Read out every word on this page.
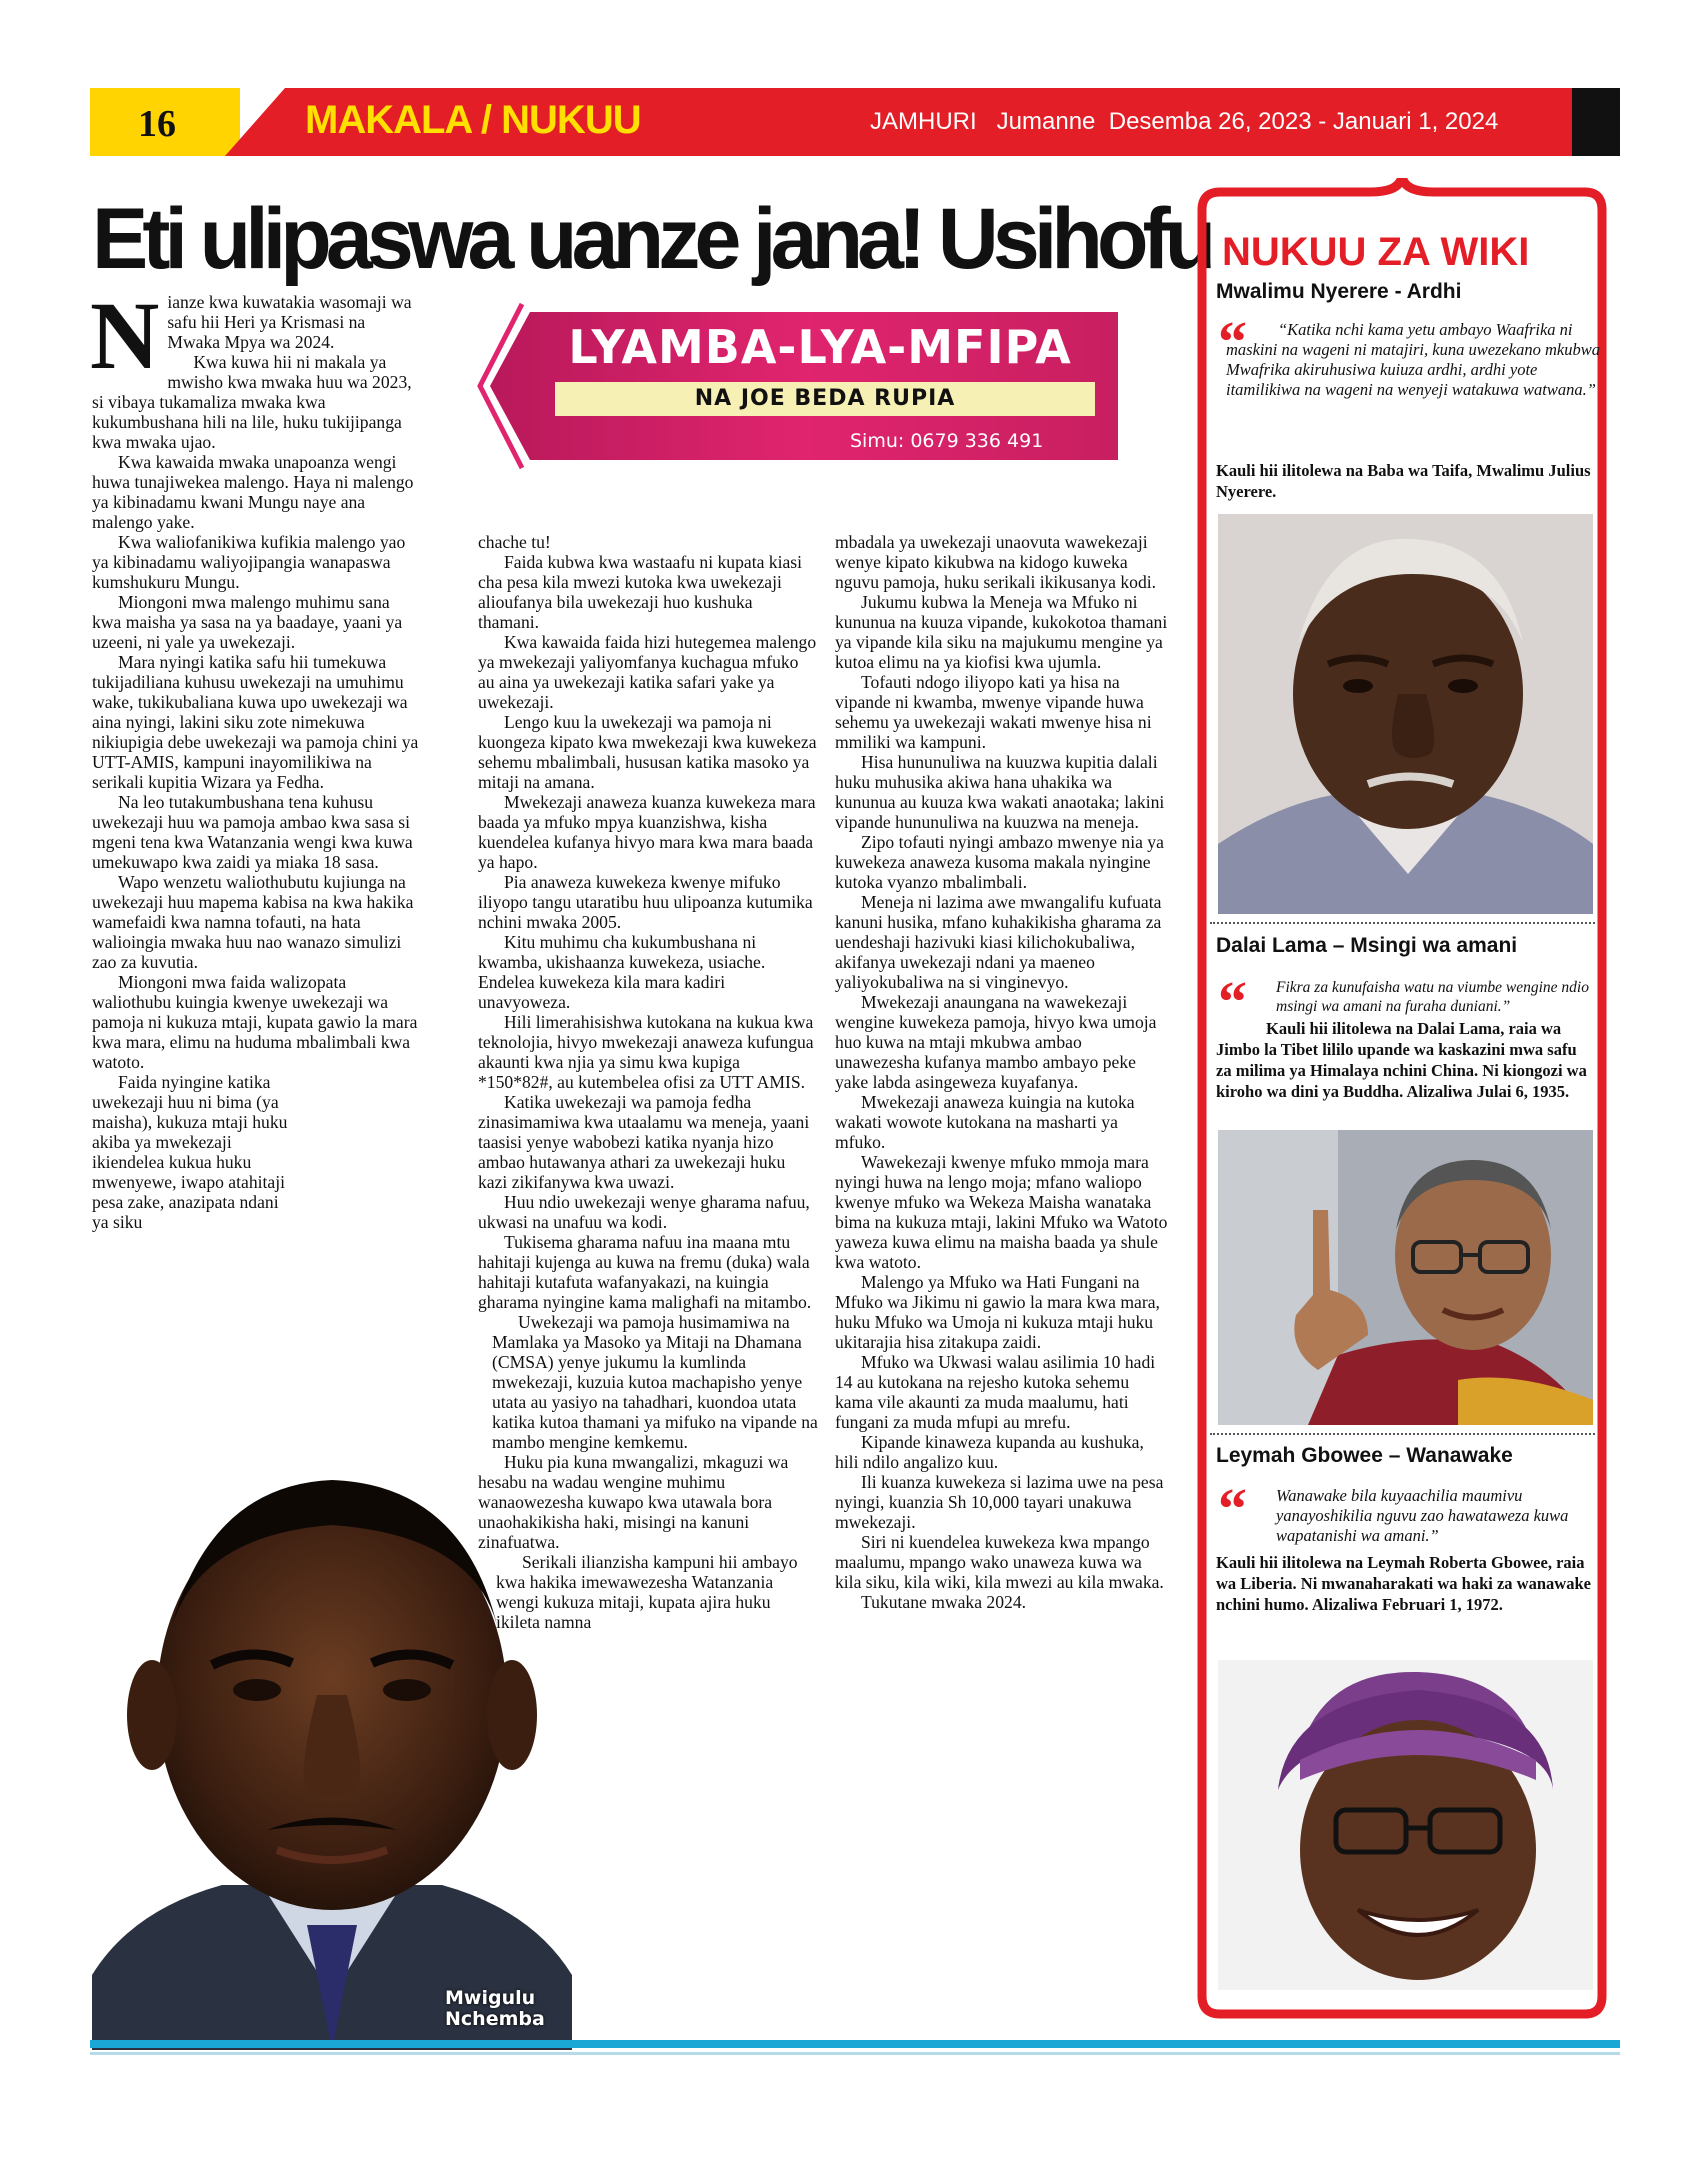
16	MAKALA / NUKUU	JAMHURI   Jumanne  Desemba 26, 2023 - Januari 1, 2024
Eti ulipaswa uanze jana! Usihofu
LYAMBA-LYA-MFIPA
NA JOE BEDA RUPIA
Simu: 0679 336 491
N ianze kwa kuwatakia wasomaji wa safu hii Heri ya Krismasi na Mwaka Mpya wa 2024.

Kwa kuwa hii ni makala ya mwisho kwa mwaka huu wa 2023, si vibaya tukamaliza mwaka kwa kukumbushana hili na lile, huku tukijipanga kwa mwaka ujao.

Kwa kawaida mwaka unapoanza wengi huwa tunajiwekea malengo. Haya ni malengo ya kibinadamu kwani Mungu naye ana malengo yake.

Kwa waliofanikiwa kufikia malengo yao ya kibinadamu waliyojipangia wanapaswa kumshukuru Mungu.

Miongoni mwa malengo muhimu sana kwa maisha ya sasa na ya baadaye, yaani ya uzeeni, ni yale ya uwekezaji.

Mara nyingi katika safu hii tumekuwa tukijadiliana kuhusu uwekezaji na umuhimu wake, tukikubaliana kuwa upo uwekezaji wa aina nyingi, lakini siku zote nimekuwa nikiupigia debe uwekezaji wa pamoja chini ya UTT-AMIS, kampuni inayomilikiwa na serikali kupitia Wizara ya Fedha.

Na leo tutakumbushana tena kuhusu uwekezaji huu wa pamoja ambao kwa sasa si mgeni tena kwa Watanzania wengi kwa kuwa umekuwapo kwa zaidi ya miaka 18 sasa.

Wapo wenzetu waliothubutu kujiunga na uwekezaji huu mapema kabisa na kwa hakika wamefaidi kwa namna tofauti, na hata walioingia mwaka huu nao wanazo simulizi zao za kuvutia.

Miongoni mwa faida walizopata waliothubu kuingia kwenye uwekezaji wa pamoja ni kukuza mtaji, kupata gawio la mara kwa mara, elimu na huduma mbalimbali kwa watoto.

Faida nyingine katika uwekezaji huu ni bima (ya maisha), kukuza mtaji huku akiba ya mwekezaji ikiendelea kukua huku mwenyewe, iwapo atahitaji pesa zake, anazipata ndani ya siku

Mwigulu
Nchemba

chache tu!

Faida kubwa kwa wastaafu ni kupata kiasi cha pesa kila mwezi kutoka kwa uwekezaji alioufanya bila uwekezaji huo kushuka thamani.

Kwa kawaida faida hizi hutegemea malengo ya mwekezaji yaliyomfanya kuchagua mfuko au aina ya uwekezaji katika safari yake ya uwekezaji.

Lengo kuu la uwekezaji wa pamoja ni kuongeza kipato kwa mwekezaji kwa kuwekeza sehemu mbalimbali, hususan katika masoko ya mitaji na amana.

Mwekezaji anaweza kuanza kuwekeza mara baada ya mfuko mpya kuanzishwa, kisha kuendelea kufanya hivyo mara kwa mara baada ya hapo.

Pia anaweza kuwekeza kwenye mifuko iliyopo tangu utaratibu huu ulipoanza kutumika nchini mwaka 2005.

Kitu muhimu cha kukumbushana ni kwamba, ukishaanza kuwekeza, usiache. Endelea kuwekeza kila mara kadiri unavyoweza.

Hili limerahisishwa kutokana na kukua kwa teknolojia, hivyo mwekezaji anaweza kufungua akaunti kwa njia ya simu kwa kupiga *150*82#, au kutembelea ofisi za UTT AMIS.

Katika uwekezaji wa pamoja fedha zinasimamiwa kwa utaalamu wa meneja, yaani taasisi yenye wabobezi katika nyanja hizo ambao hutawanya athari za uwekezaji huku kazi zikifanywa kwa uwazi.

Huu ndio uwekezaji wenye gharama nafuu, ukwasi na unafuu wa kodi.

Tukisema gharama nafuu ina maana mtu hahitaji kujenga au kuwa na fremu (duka) wala hahitaji kutafuta wafanyakazi, na kuingia gharama nyingine kama malighafi na mitambo.

Uwekezaji wa pamoja husimamiwa na Mamlaka ya Masoko ya Mitaji na Dhamana (CMSA) yenye jukumu la kumlinda mwekezaji, kuzuia kutoa machapisho yenye utata au yasiyo na tahadhari, kuondoa utata katika kutoa thamani ya mifuko na vipande na mambo mengine kemkemu.

Huku pia kuna mwangalizi, mkaguzi wa hesabu na wadau wengine muhimu wanaowezesha kuwapo kwa utawala bora unaohakikisha haki, misingi na kanuni zinafuatwa.

Serikali ilianzisha kampuni hii ambayo kwa hakika imewawezesha Watanzania wengi kukuza mitaji, kupata ajira huku ikileta namna

mbadala ya uwekezaji unaovuta wawekezaji wenye kipato kikubwa na kidogo kuweka nguvu pamoja, huku serikali ikikusanya kodi.

Jukumu kubwa la Meneja wa Mfuko ni kununua na kuuza vipande, kukokotoa thamani ya vipande kila siku na majukumu mengine ya kutoa elimu na ya kiofisi kwa ujumla.

Tofauti ndogo iliyopo kati ya hisa na vipande ni kwamba, mwenye vipande huwa sehemu ya uwekezaji wakati mwenye hisa ni mmiliki wa kampuni.

Hisa hununuliwa na kuuzwa kupitia dalali huku muhusika akiwa hana uhakika wa kununua au kuuza kwa wakati anaotaka; lakini vipande hununuliwa na kuuzwa na meneja.

Zipo tofauti nyingi ambazo mwenye nia ya kuwekeza anaweza kusoma makala nyingine kutoka vyanzo mbalimbali.

Meneja ni lazima awe mwangalifu kufuata kanuni husika, mfano kuhakikisha gharama za uendeshaji hazivuki kiasi kilichokubaliwa, akifanya uwekezaji ndani ya maeneo yaliyokubaliwa na si vinginevyo.

Mwekezaji anaungana na wawekezaji wengine kuwekeza pamoja, hivyo kwa umoja huo kuwa na mtaji mkubwa ambao unawezesha kufanya mambo ambayo peke yake labda asingeweza kuyafanya.

Mwekezaji anaweza kuingia na kutoka wakati wowote kutokana na masharti ya mfuko.

Wawekezaji kwenye mfuko mmoja mara nyingi huwa na lengo moja; mfano waliopo kwenye mfuko wa Wekeza Maisha wanataka bima na kukuza mtaji, lakini Mfuko wa Watoto yaweza kuwa elimu na maisha baada ya shule kwa watoto.

Malengo ya Mfuko wa Hati Fungani na Mfuko wa Jikimu ni gawio la mara kwa mara, huku Mfuko wa Umoja ni kukuza mtaji huku ukitarajia hisa zitakupa zaidi.

Mfuko wa Ukwasi walau asilimia 10 hadi 14 au kutokana na rejesho kutoka sehemu kama vile akaunti za muda maalumu, hati fungani za muda mfupi au mrefu.

Kipande kinaweza kupanda au kushuka, hili ndilo angalizo kuu.

Ili kuanza kuwekeza si lazima uwe na pesa nyingi, kuanzia Sh 10,000 tayari unakuwa mwekezaji.

Siri ni kuendelea kuwekeza kwa mpango maalumu, mpango wako unaweza kuwa wa kila siku, kila wiki, kila mwezi au kila mwaka.

Tukutane mwaka 2024.

NUKUU ZA WIKI
Mwalimu Nyerere - Ardhi
“	“Katika nchi kama yetu ambayo Waafrika ni maskini na wageni ni matajiri, kuna uwezekano mkubwa Mwafrika akiruhusiwa kuiuza ardhi, ardhi yote itamilikiwa na wageni na wenyeji watakuwa watwana.”
Kauli hii ilitolewa na Baba wa Taifa, Mwalimu Julius Nyerere.
Dalai Lama – Msingi wa amani
“ Fikra za kunufaisha watu na viumbe wengine ndio msingi wa amani na furaha duniani.”
Kauli hii ilitolewa na Dalai Lama, raia wa Jimbo la Tibet lililo upande wa kaskazini mwa safu za milima ya Himalaya nchini China. Ni kiongozi wa kiroho wa dini ya Buddha. Alizaliwa Julai 6, 1935.
Leymah Gbowee – Wanawake
“ Wanawake bila kuyaachilia maumivu yanayoshikilia nguvu zao hawataweza kuwa wapatanishi wa amani.”
Kauli hii ilitolewa na Leymah Roberta Gbowee, raia wa Liberia. Ni mwanaharakati wa haki za wanawake nchini humo. Alizaliwa Februari 1, 1972.
